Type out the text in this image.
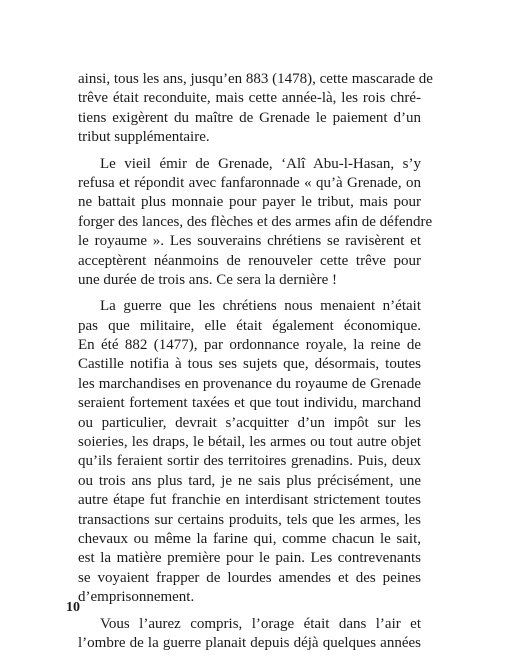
ainsi, tous les ans, jusqu’en 883 (1478), cette mascarade de
trêve était reconduite, mais cette année-là, les rois chré-
tiens exigèrent du maître de Grenade le paiement d’un
tribut supplémentaire.
Le vieil émir de Grenade, ‘Alî Abu-l-Hasan, s’y
refusa et répondit avec fanfaronnade « qu’à Grenade, on
ne battait plus monnaie pour payer le tribut, mais pour
forger des lances, des flèches et des armes afin de défendre
le royaume ». Les souverains chrétiens se ravisèrent et
acceptèrent néanmoins de renouveler cette trêve pour
une durée de trois ans. Ce sera la dernière !
La guerre que les chrétiens nous menaient n’était
pas que militaire, elle était également économique.
En été 882 (1477), par ordonnance royale, la reine de
Castille notifia à tous ses sujets que, désormais, toutes
les marchandises en provenance du royaume de Grenade
seraient fortement taxées et que tout individu, marchand
ou particulier, devrait s’acquitter d’un impôt sur les
soieries, les draps, le bétail, les armes ou tout autre objet
qu’ils feraient sortir des territoires grenadins. Puis, deux
ou trois ans plus tard, je ne sais plus précisément, une
autre étape fut franchie en interdisant strictement toutes
transactions sur certains produits, tels que les armes, les
chevaux ou même la farine qui, comme chacun le sait,
est la matière première pour le pain. Les contrevenants
se voyaient frapper de lourdes amendes et des peines
d’emprisonnement.
Vous l’aurez compris, l’orage était dans l’air et
l’ombre de la guerre planait depuis déjà quelques années
10
